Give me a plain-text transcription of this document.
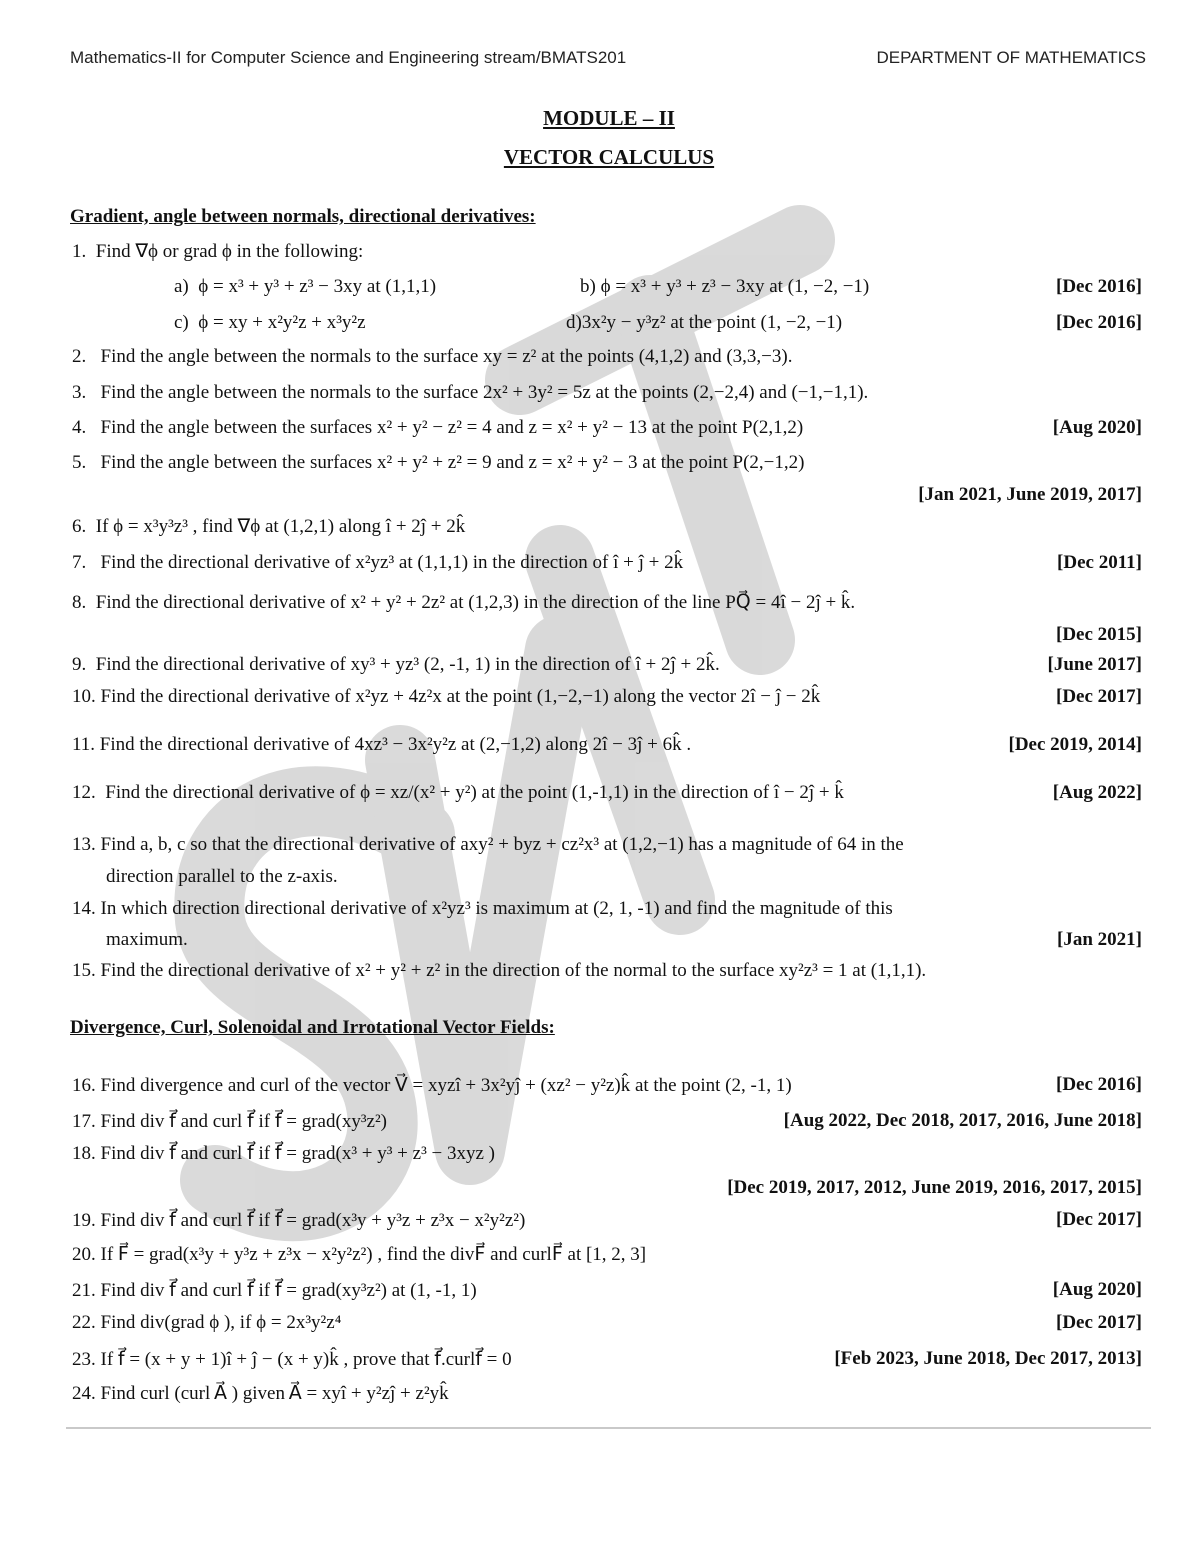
Mathematics-II for Computer Science and Engineering stream/BMATS201	DEPARTMENT OF MATHEMATICS
MODULE – II
VECTOR CALCULUS
Gradient, angle between normals, directional derivatives:
1. Find ∇ϕ or grad ϕ in the following:
a) ϕ = x³ + y³ + z³ − 3xy at (1,1,1)	b) ϕ = x³ + y³ + z³ − 3xy at (1, −2, −1)	[Dec 2016]
c) ϕ = xy + x²y²z + x³y²z	d)3x²y − y³z² at the point (1, −2, −1)	[Dec 2016]
2. Find the angle between the normals to the surface xy = z² at the points (4,1,2) and (3,3,−3).
3. Find the angle between the normals to the surface 2x² + 3y² = 5z at the points (2,−2,4) and (−1,−1,1).
4. Find the angle between the surfaces x² + y² − z² = 4 and z = x² + y² − 13 at the point P(2,1,2)	[Aug 2020]
5. Find the angle between the surfaces x² + y² + z² = 9 and z = x² + y² − 3 at the point P(2,−1,2)
[Jan 2021, June 2019, 2017]
6. If ϕ = x³y³z³ , find ∇ϕ at (1,2,1) along î + 2ĵ + 2k̂
7. Find the directional derivative of x²yz³ at (1,1,1) in the direction of î + ĵ + 2k̂	[Dec 2011]
8. Find the directional derivative of x² + y² + 2z² at (1,2,3) in the direction of the line PQ⃗ = 4î − 2ĵ + k̂.
[Dec 2015]
9. Find the directional derivative of xy³ + yz³ (2, -1, 1) in the direction of î + 2ĵ + 2k̂.	[June 2017]
10. Find the directional derivative of x²yz + 4z²x at the point (1,−2,−1) along the vector 2î − ĵ − 2k̂	[Dec 2017]
11. Find the directional derivative of 4xz³ − 3x²y²z at (2,−1,2) along 2î − 3ĵ + 6k̂ .	[Dec 2019, 2014]
12. Find the directional derivative of ϕ = xz/(x² + y²) at the point (1,-1,1) in the direction of î − 2ĵ + k̂	[Aug 2022]
13. Find a, b, c so that the directional derivative of axy² + byz + cz²x³ at (1,2,−1) has a magnitude of 64 in the
direction parallel to the z-axis.
14. In which direction directional derivative of x²yz³ is maximum at (2, 1, -1) and find the magnitude of this
maximum.	[Jan 2021]
15. Find the directional derivative of x² + y² + z² in the direction of the normal to the surface xy²z³ = 1 at (1,1,1).
Divergence, Curl, Solenoidal and Irrotational Vector Fields:
16. Find divergence and curl of the vector V⃗ = xyzî + 3x²yĵ + (xz² − y²z)k̂ at the point (2, -1, 1)	[Dec 2016]
17. Find div f⃗ and curl f⃗ if f⃗ = grad(xy³z²)	[Aug 2022, Dec 2018, 2017, 2016, June 2018]
18. Find div f⃗ and curl f⃗ if f⃗ = grad(x³ + y³ + z³ − 3xyz )
[Dec 2019, 2017, 2012, June 2019, 2016, 2017, 2015]
19. Find div f⃗ and curl f⃗ if f⃗ = grad(x³y + y³z + z³x − x²y²z²)	[Dec 2017]
20. If F⃗ = grad(x³y + y³z + z³x − x²y²z²) , find the divF⃗ and curlF⃗ at [1, 2, 3]
21. Find div f⃗ and curl f⃗ if f⃗ = grad(xy³z²) at (1, -1, 1)	[Aug 2020]
22. Find div(grad ϕ ), if ϕ = 2x³y²z⁴	[Dec 2017]
23. If f⃗ = (x + y + 1)î + ĵ − (x + y)k̂ , prove that f⃗.curlf⃗ = 0	[Feb 2023, June 2018, Dec 2017, 2013]
24. Find curl (curl A⃗ ) given A⃗ = xyî + y²zĵ + z²yk̂
